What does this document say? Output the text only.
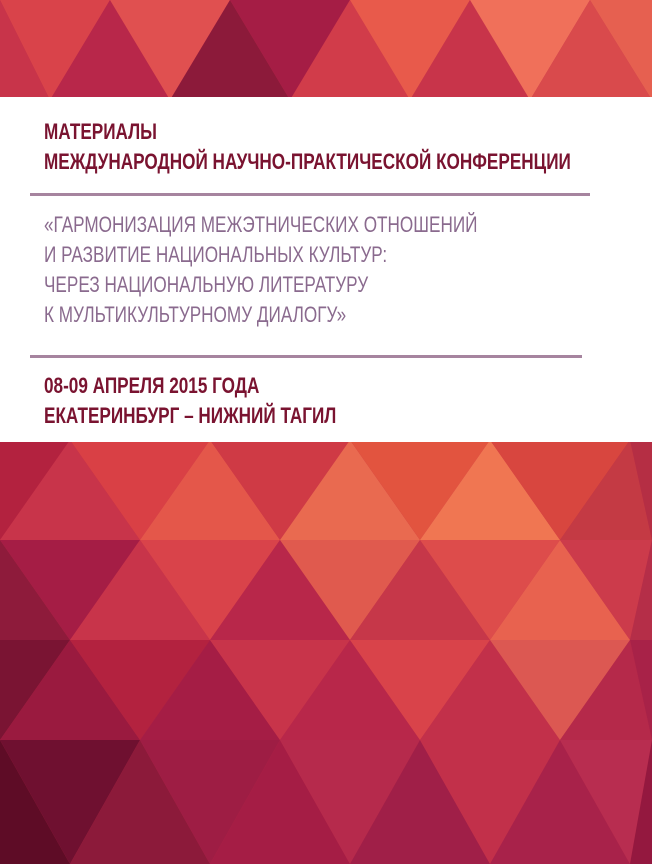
МАТЕРИАЛЫ
МЕЖДУНАРОДНОЙ НАУЧНО-ПРАКТИЧЕСКОЙ КОНФЕРЕНЦИИ
«ГАРМОНИЗАЦИЯ МЕЖЭТНИЧЕСКИХ ОТНОШЕНИЙ
И РАЗВИТИЕ НАЦИОНАЛЬНЫХ КУЛЬТУР:
ЧЕРЕЗ НАЦИОНАЛЬНУЮ ЛИТЕРАТУРУ
К МУЛЬТИКУЛЬТУРНОМУ ДИАЛОГУ»
08-09 АПРЕЛЯ 2015 ГОДА
ЕКАТЕРИНБУРГ – НИЖНИЙ ТАГИЛ
